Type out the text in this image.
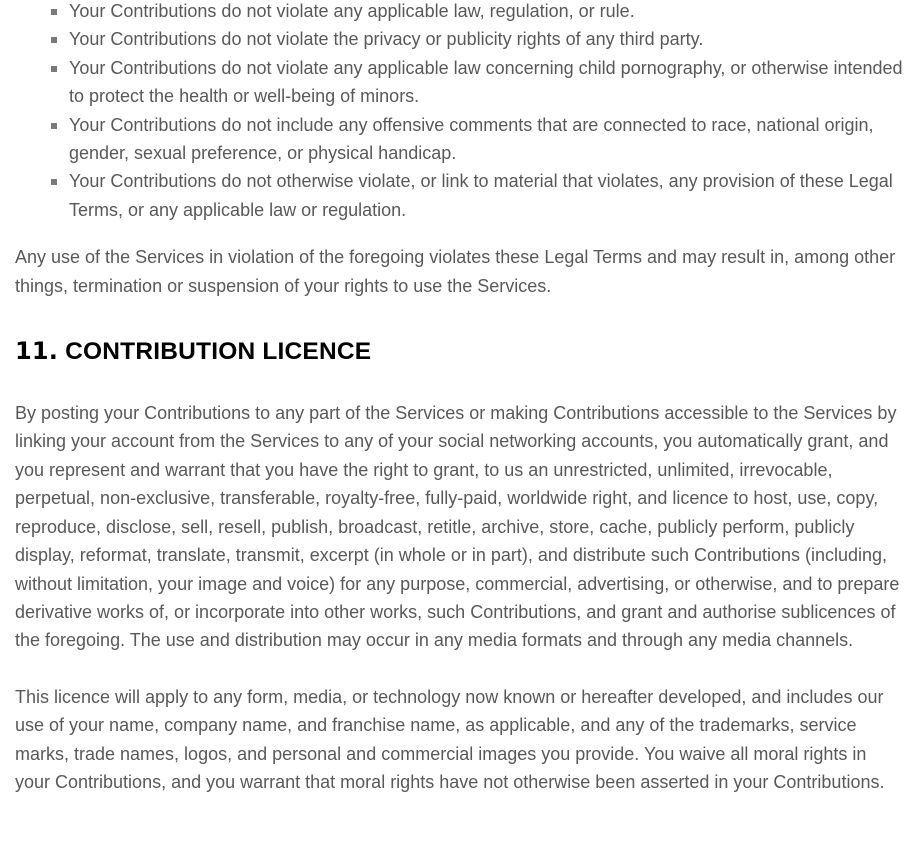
Your Contributions do not violate any applicable law, regulation, or rule.
Your Contributions do not violate the privacy or publicity rights of any third party.
Your Contributions do not violate any applicable law concerning child pornography, or otherwise intended to protect the health or well-being of minors.
Your Contributions do not include any offensive comments that are connected to race, national origin, gender, sexual preference, or physical handicap.
Your Contributions do not otherwise violate, or link to material that violates, any provision of these Legal Terms, or any applicable law or regulation.

Any use of the Services in violation of the foregoing violates these Legal Terms and may result in, among other things, termination or suspension of your rights to use the Services.

11. CONTRIBUTION LICENCE

By posting your Contributions to any part of the Services or making Contributions accessible to the Services by linking your account from the Services to any of your social networking accounts, you automatically grant, and you represent and warrant that you have the right to grant, to us an unrestricted, unlimited, irrevocable, perpetual, non-exclusive, transferable, royalty-free, fully-paid, worldwide right, and licence to host, use, copy, reproduce, disclose, sell, resell, publish, broadcast, retitle, archive, store, cache, publicly perform, publicly display, reformat, translate, transmit, excerpt (in whole or in part), and distribute such Contributions (including, without limitation, your image and voice) for any purpose, commercial, advertising, or otherwise, and to prepare derivative works of, or incorporate into other works, such Contributions, and grant and authorise sublicences of the foregoing. The use and distribution may occur in any media formats and through any media channels.

This licence will apply to any form, media, or technology now known or hereafter developed, and includes our use of your name, company name, and franchise name, as applicable, and any of the trademarks, service marks, trade names, logos, and personal and commercial images you provide. You waive all moral rights in your Contributions, and you warrant that moral rights have not otherwise been asserted in your Contributions.
